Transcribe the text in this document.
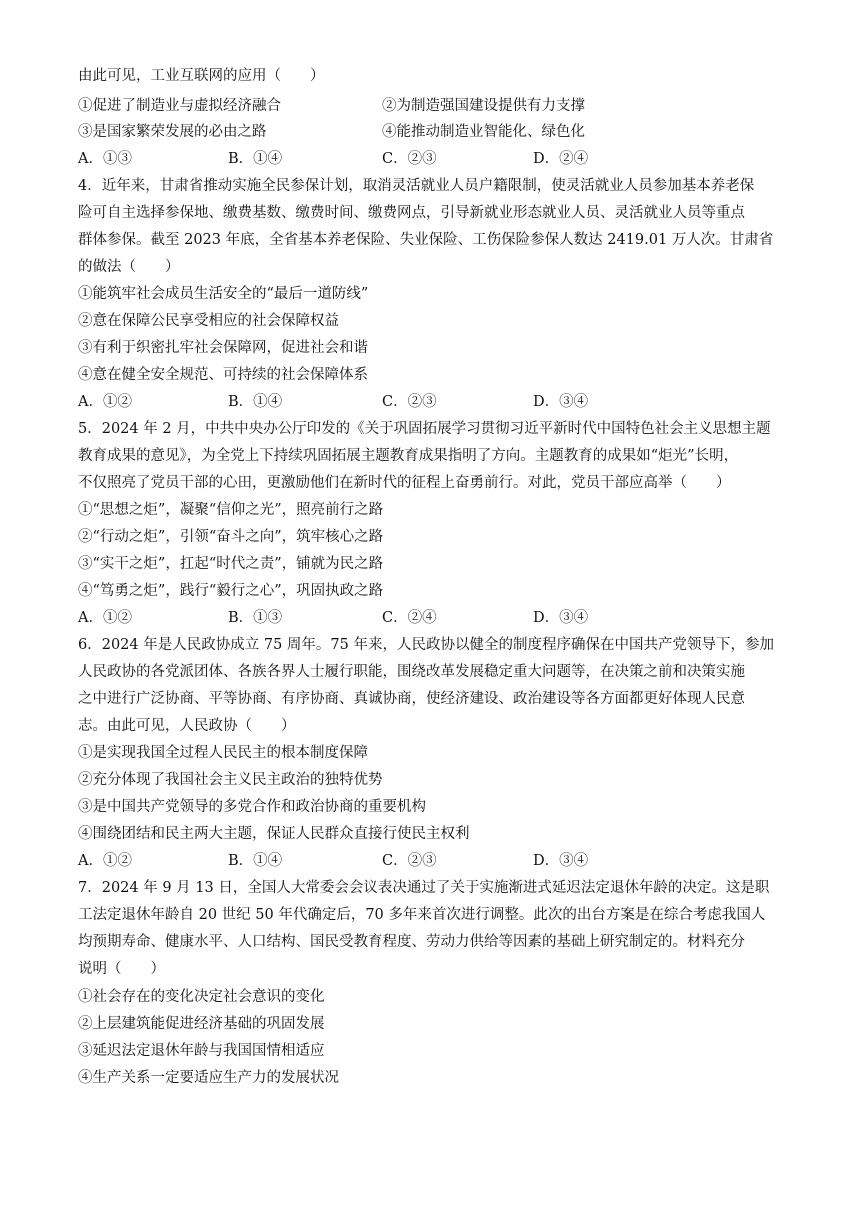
由此可见，工业互联网的应用（　　）
①促进了制造业与虚拟经济融合	②为制造强国建设提供有力支撑
③是国家繁荣发展的必由之路	④能推动制造业智能化、绿色化
A．①③	B．①④	C．②③	D．②④
4．近年来，甘肃省推动实施全民参保计划，取消灵活就业人员户籍限制，使灵活就业人员参加基本养老保
险可自主选择参保地、缴费基数、缴费时间、缴费网点，引导新就业形态就业人员、灵活就业人员等重点
群体参保。截至 2023 年底，全省基本养老保险、失业保险、工伤保险参保人数达 2419.01 万人次。甘肃省
的做法（　　）
①能筑牢社会成员生活安全的“最后一道防线”
②意在保障公民享受相应的社会保障权益
③有利于织密扎牢社会保障网，促进社会和谐
④意在健全安全规范、可持续的社会保障体系
A．①②	B．①④	C．②③	D．③④
5．2024 年 2 月，中共中央办公厅印发的《关于巩固拓展学习贯彻习近平新时代中国特色社会主义思想主题
教育成果的意见》，为全党上下持续巩固拓展主题教育成果指明了方向。主题教育的成果如“炬光”长明，
不仅照亮了党员干部的心田，更激励他们在新时代的征程上奋勇前行。对此，党员干部应高举（　　）
①“思想之炬”，凝聚“信仰之光”，照亮前行之路
②“行动之炬”，引领“奋斗之向”，筑牢核心之路
③“实干之炬”，扛起“时代之责”，铺就为民之路
④“笃勇之炬”，践行“毅行之心”，巩固执政之路
A．①②	B．①③	C．②④	D．③④
6．2024 年是人民政协成立 75 周年。75 年来，人民政协以健全的制度程序确保在中国共产党领导下，参加
人民政协的各党派团体、各族各界人士履行职能，围绕改革发展稳定重大问题等，在决策之前和决策实施
之中进行广泛协商、平等协商、有序协商、真诚协商，使经济建设、政治建设等各方面都更好体现人民意
志。由此可见，人民政协（　　）
①是实现我国全过程人民民主的根本制度保障
②充分体现了我国社会主义民主政治的独特优势
③是中国共产党领导的多党合作和政治协商的重要机构
④围绕团结和民主两大主题，保证人民群众直接行使民主权利
A．①②	B．①④	C．②③	D．③④
7．2024 年 9 月 13 日，全国人大常委会会议表决通过了关于实施渐进式延迟法定退休年龄的决定。这是职
工法定退休年龄自 20 世纪 50 年代确定后，70 多年来首次进行调整。此次的出台方案是在综合考虑我国人
均预期寿命、健康水平、人口结构、国民受教育程度、劳动力供给等因素的基础上研究制定的。材料充分
说明（　　）
①社会存在的变化决定社会意识的变化
②上层建筑能促进经济基础的巩固发展
③延迟法定退休年龄与我国国情相适应
④生产关系一定要适应生产力的发展状况
